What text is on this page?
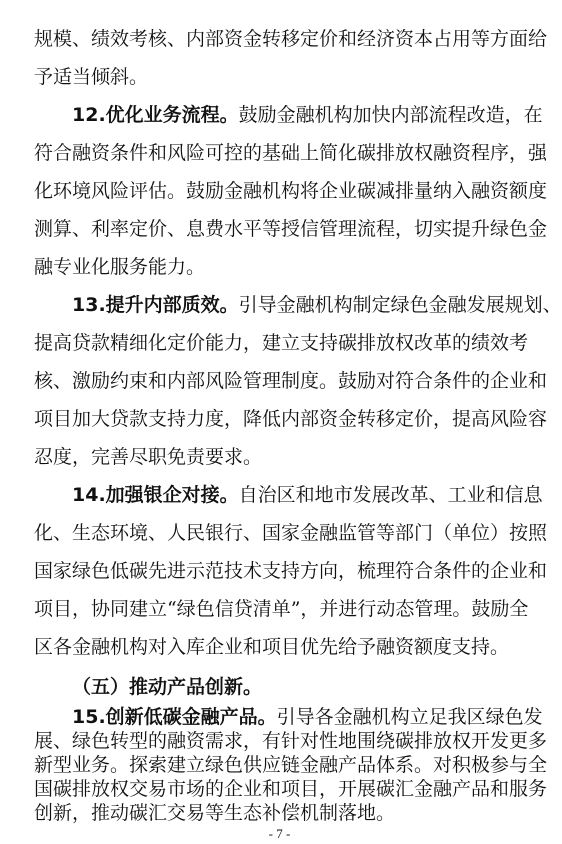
规模、绩效考核、内部资金转移定价和经济资本占用等方面给
予适当倾斜。
12.优化业务流程。鼓励金融机构加快内部流程改造，在
符合融资条件和风险可控的基础上简化碳排放权融资程序，强
化环境风险评估。鼓励金融机构将企业碳减排量纳入融资额度
测算、利率定价、息费水平等授信管理流程，切实提升绿色金
融专业化服务能力。
13.提升内部质效。引导金融机构制定绿色金融发展规划、
提高贷款精细化定价能力，建立支持碳排放权改革的绩效考
核、激励约束和内部风险管理制度。鼓励对符合条件的企业和
项目加大贷款支持力度，降低内部资金转移定价，提高风险容
忍度，完善尽职免责要求。
14.加强银企对接。自治区和地市发展改革、工业和信息
化、生态环境、人民银行、国家金融监管等部门（单位）按照
国家绿色低碳先进示范技术支持方向，梳理符合条件的企业和
项目，协同建立“绿色信贷清单”，并进行动态管理。鼓励全
区各金融机构对入库企业和项目优先给予融资额度支持。
（五）推动产品创新。
15.创新低碳金融产品。引导各金融机构立足我区绿色发
展、绿色转型的融资需求，有针对性地围绕碳排放权开发更多
新型业务。探索建立绿色供应链金融产品体系。对积极参与全
- 7 -
国碳排放权交易市场的企业和项目，开展碳汇金融产品和服务
创新，推动碳汇交易等生态补偿机制落地。
